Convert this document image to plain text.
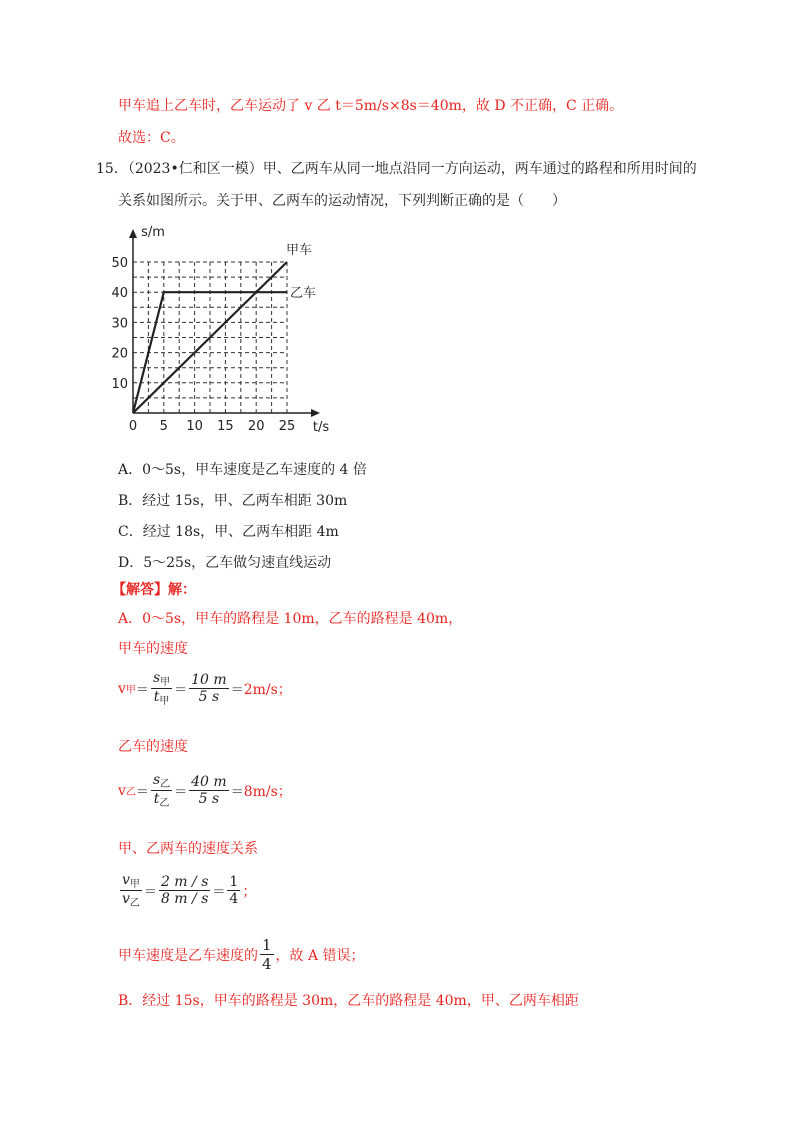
甲车追上乙车时，乙车运动了 v 乙 t＝5m/s×8s＝40m，故 D 不正确，C 正确。
故选：C。
15．（2023•仁和区一模）甲、乙两车从同一地点沿同一方向运动，两车通过的路程和所用时间的
关系如图所示。关于甲、乙两车的运动情况，下列判断正确的是（　　）
0 5 10 15 20 25
10
20
30
40
50
s/m
t/s
甲车
乙车
A．0～5s，甲车速度是乙车速度的 4 倍
B．经过 15s，甲、乙两车相距 30m
C．经过 18s，甲、乙两车相距 4m
D．5～25s，乙车做匀速直线运动
【解答】解：
A．0～5s，甲车的路程是 10m，乙车的路程是 40m，
甲车的速度
v 甲 ＝ $\frac{s_甲}{t_甲} = \frac{10 m}{5 s} = 2m/s$；
乙车的速度
v 乙 ＝ $\frac{s_乙}{t_乙} = \frac{40 m}{5 s} = 8m/s$；
甲、乙两车的速度关系
$\frac{v_甲}{v_乙} = \frac{2 m / s}{8 m / s} = \frac{1}{4}$ ；
甲车速度是乙车速度的 $\frac{1}{4}$ ，故 A 错误；
B．经过 15s，甲车的路程是 30m，乙车的路程是 40m，甲、乙两车相距
